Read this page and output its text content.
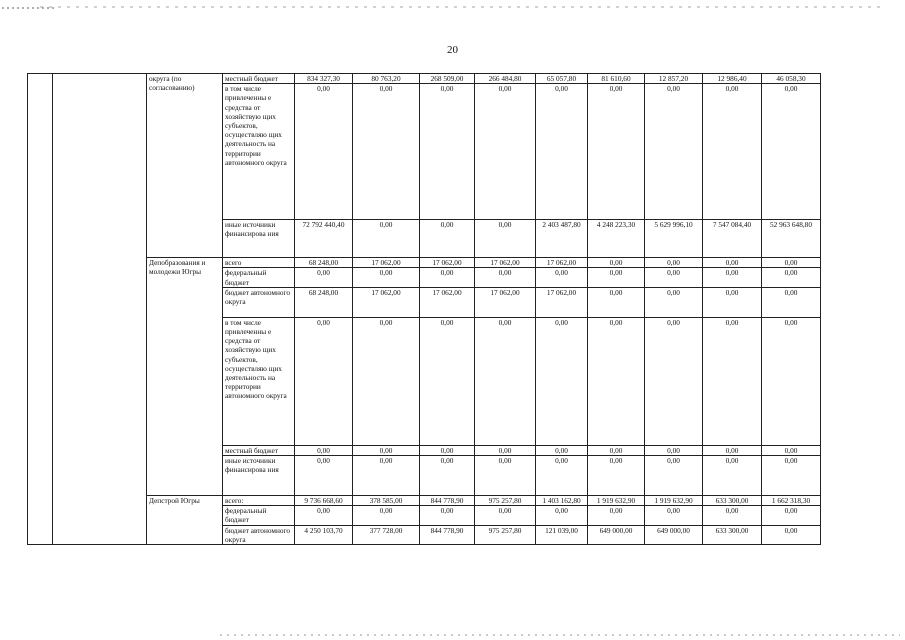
20
		округа (по согласованию)	местный бюджет	834 327,30	80 763,20	268 509,00	266 484,80	65 057,80	81 610,60	12 857,20	12 986,40	46 058,30
			в том числе привлеченны е средства от хозяйствую щих субъектов, осуществляю щих деятельность на территории автономного округа	0,00	0,00	0,00	0,00	0,00	0,00	0,00	0,00	0,00
			иные источники финансирова ния	72 792 440,40	0,00	0,00	0,00	2 403 487,80	4 248 223,30	5 629 996,10	7 547 084,40	52 963 648,80
		Депобразования и молодежи Югры	всего	68 248,00	17 062,00	17 062,00	17 062,00	17 062,00	0,00	0,00	0,00	0,00
			федеральный бюджет	0,00	0,00	0,00	0,00	0,00	0,00	0,00	0,00	0,00
			бюджет автономного округа	68 248,00	17 062,00	17 062,00	17 062,00	17 062,00	0,00	0,00	0,00	0,00
			в том числе привлеченны е средства от хозяйствую щих субъектов, осуществляю щих деятельность на территории автономного округа	0,00	0,00	0,00	0,00	0,00	0,00	0,00	0,00	0,00
			местный бюджет	0,00	0,00	0,00	0,00	0,00	0,00	0,00	0,00	0,00
			иные источники финансирова ния	0,00	0,00	0,00	0,00	0,00	0,00	0,00	0,00	0,00
		Депстрой Югры	всего:	9 736 668,60	378 585,00	844 778,90	975 257,80	1 403 162,80	1 919 632,90	1 919 632,90	633 300,00	1 662 318,30
			федеральный бюджет	0,00	0,00	0,00	0,00	0,00	0,00	0,00	0,00	0,00
			бюджет автономного округа	4 250 103,70	377 728,00	844 778,90	975 257,80	121 039,00	649 000,00	649 000,00	633 300,00	0,00
